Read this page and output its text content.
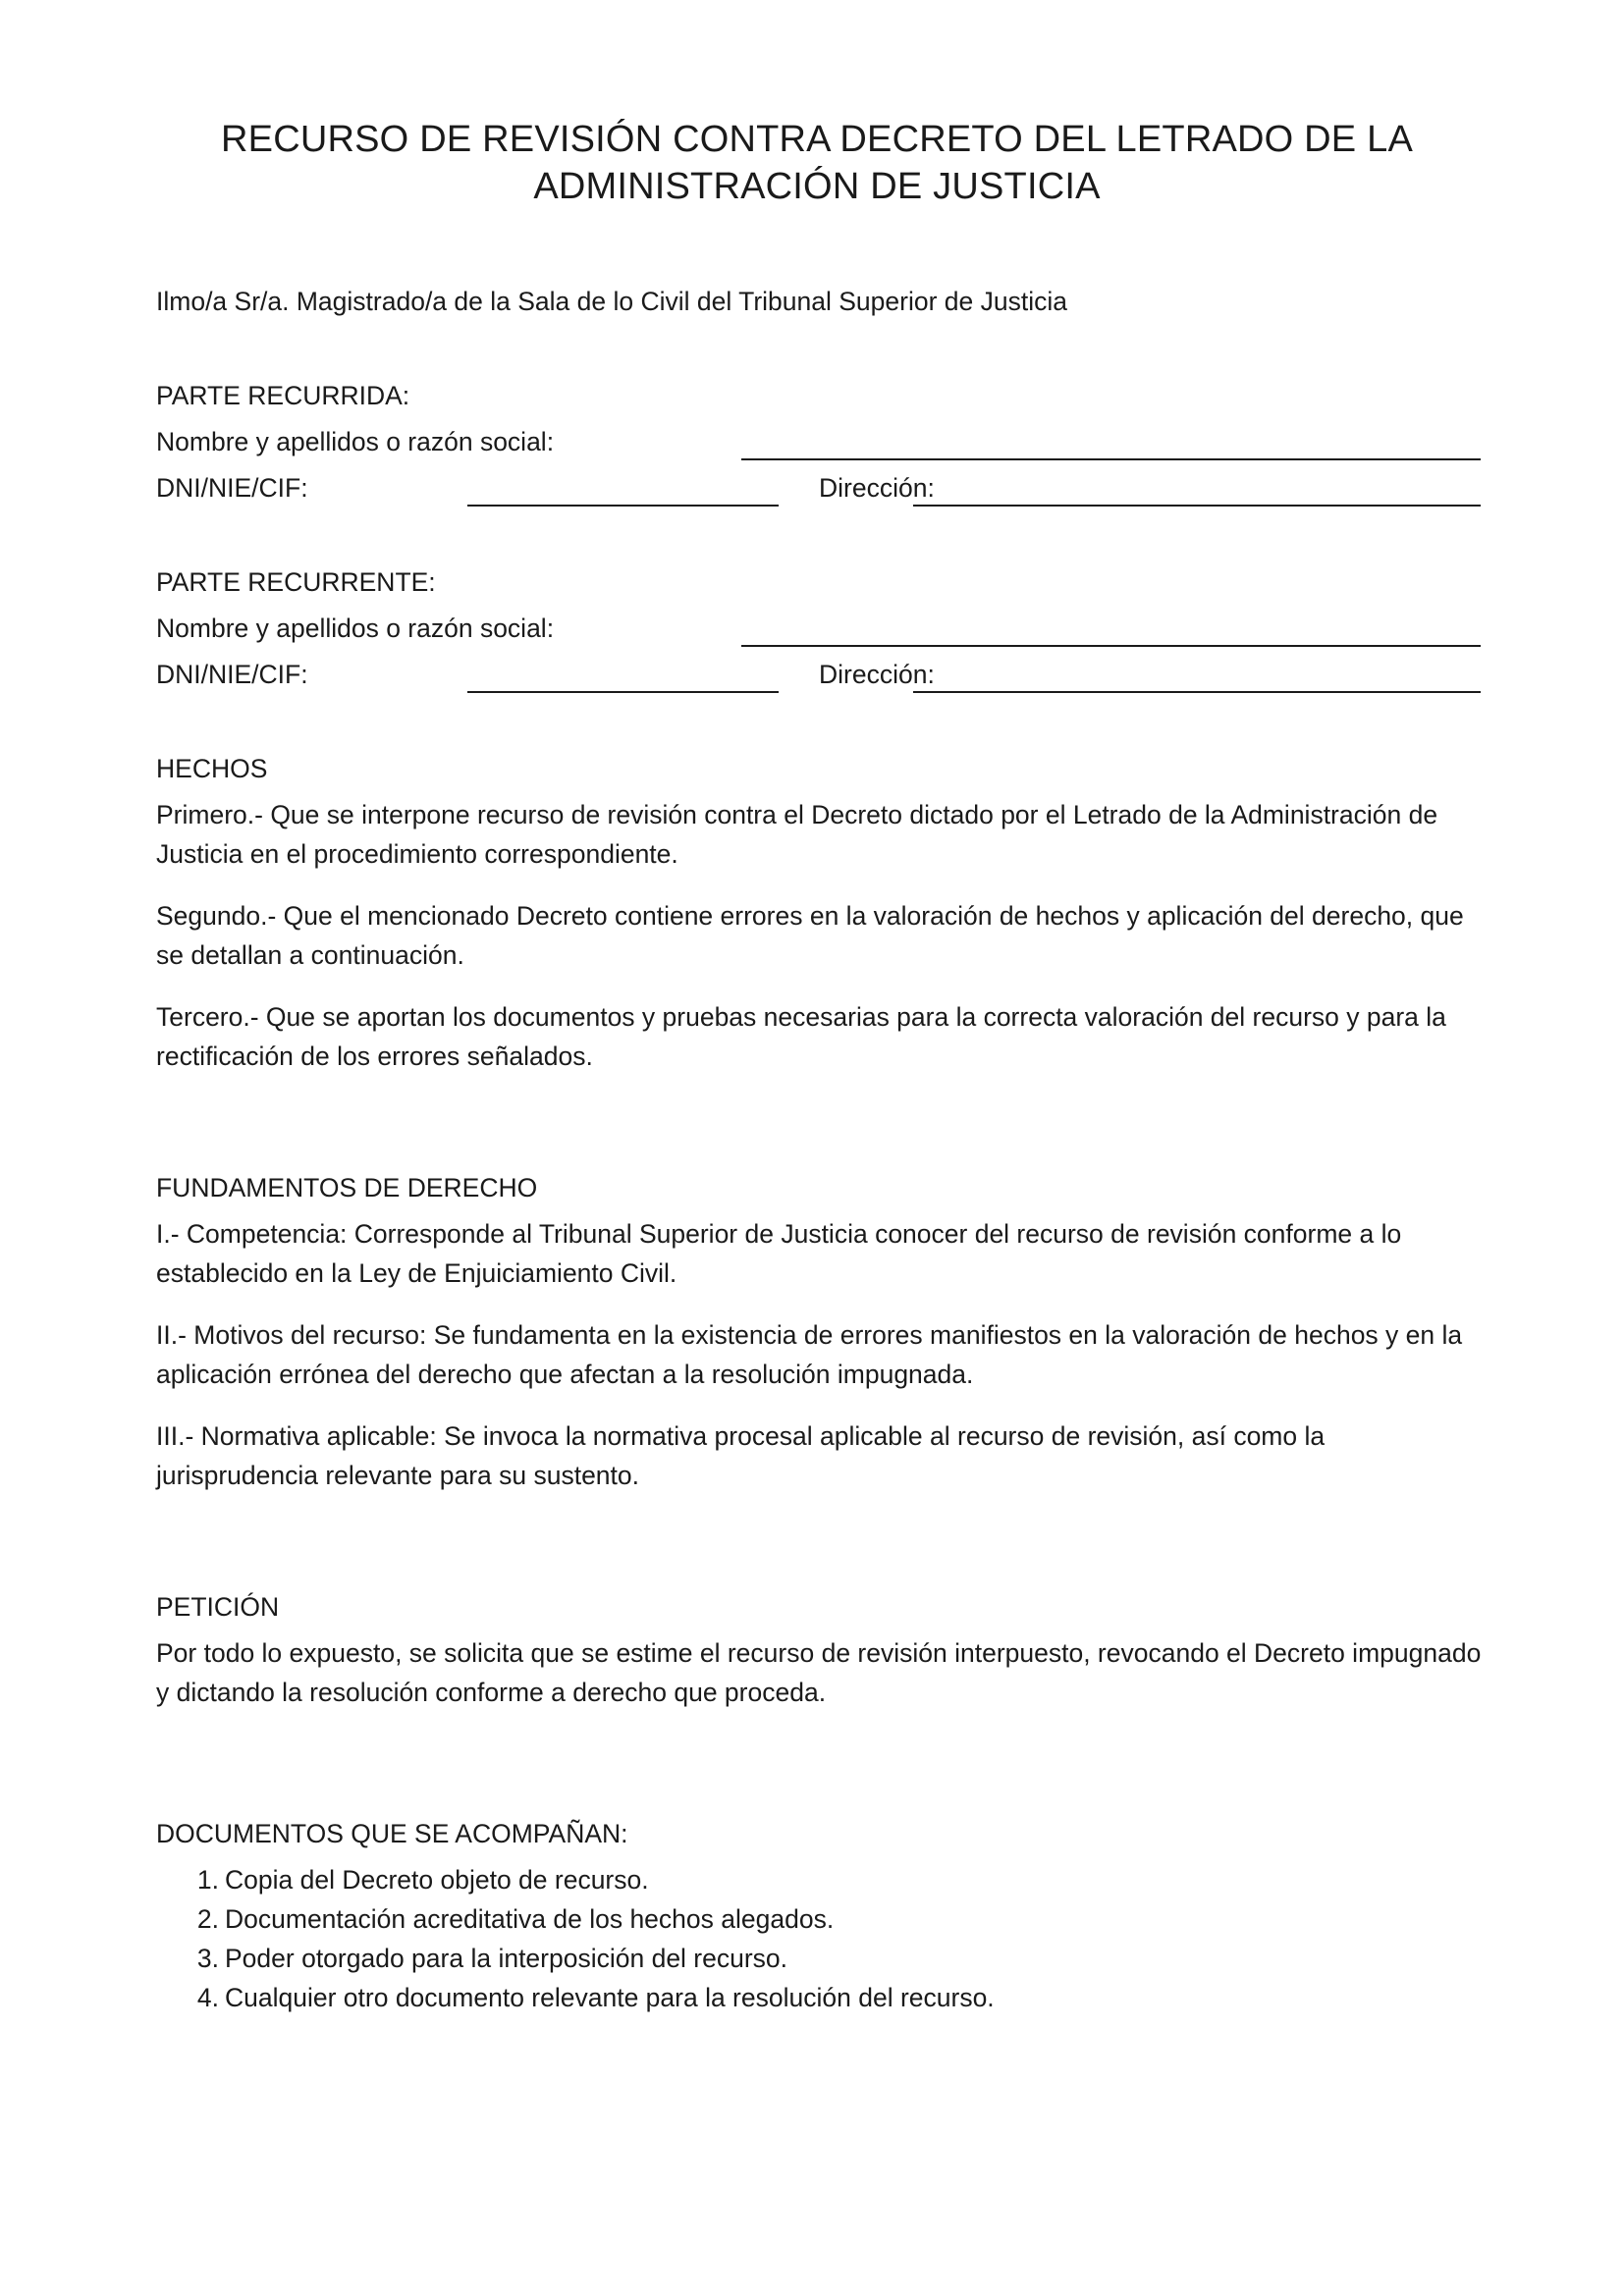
RECURSO DE REVISIÓN CONTRA DECRETO DEL LETRADO DE LA
ADMINISTRACIÓN DE JUSTICIA

Ilmo/a Sr/a. Magistrado/a de la Sala de lo Civil del Tribunal Superior de Justicia

PARTE RECURRIDA:

Nombre y apellidos o razón social:

DNI/NIE/CIF:	Dirección:

PARTE RECURRENTE:

Nombre y apellidos o razón social:

DNI/NIE/CIF:	Dirección:

HECHOS

Primero.- Que se interpone recurso de revisión contra el Decreto dictado por el Letrado de la Administración de Justicia en el procedimiento correspondiente.

Segundo.- Que el mencionado Decreto contiene errores en la valoración de hechos y aplicación del derecho, que se detallan a continuación.

Tercero.- Que se aportan los documentos y pruebas necesarias para la correcta valoración del recurso y para la rectificación de los errores señalados.

FUNDAMENTOS DE DERECHO

I.- Competencia: Corresponde al Tribunal Superior de Justicia conocer del recurso de revisión conforme a lo establecido en la Ley de Enjuiciamiento Civil.

II.- Motivos del recurso: Se fundamenta en la existencia de errores manifiestos en la valoración de hechos y en la aplicación errónea del derecho que afectan a la resolución impugnada.

III.- Normativa aplicable: Se invoca la normativa procesal aplicable al recurso de revisión, así como la jurisprudencia relevante para su sustento.

PETICIÓN

Por todo lo expuesto, se solicita que se estime el recurso de revisión interpuesto, revocando el Decreto impugnado y dictando la resolución conforme a derecho que proceda.

DOCUMENTOS QUE SE ACOMPAÑAN:

1. Copia del Decreto objeto de recurso.
2. Documentación acreditativa de los hechos alegados.
3. Poder otorgado para la interposición del recurso.
4. Cualquier otro documento relevante para la resolución del recurso.
